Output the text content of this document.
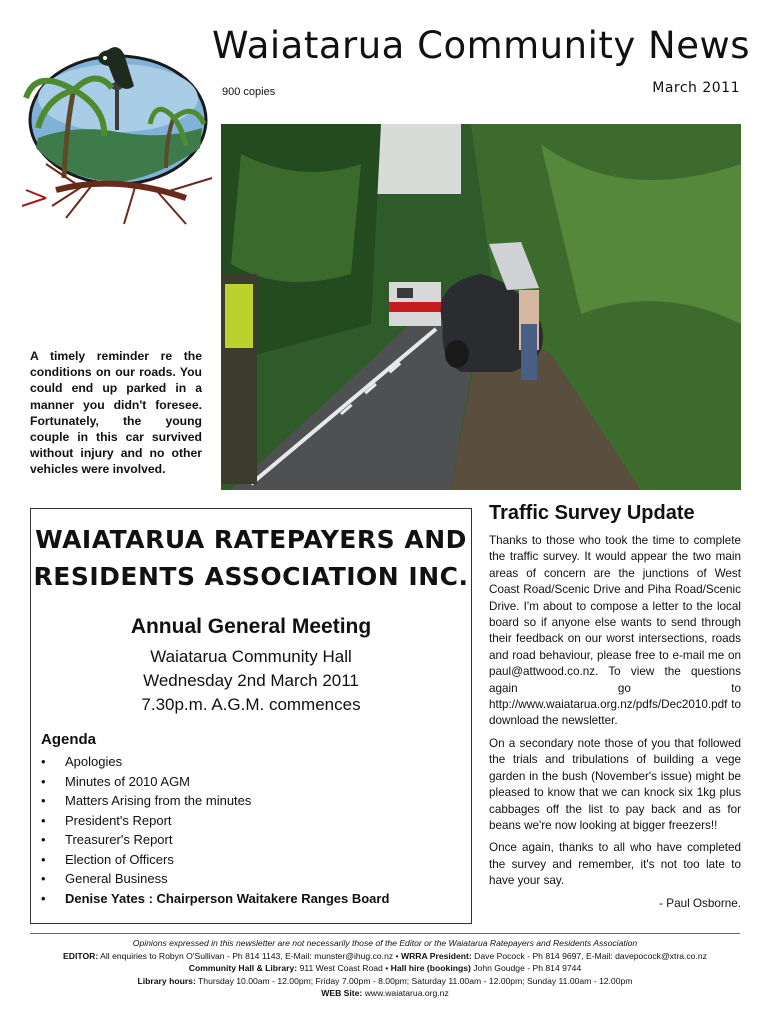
Waiatarua Community News
900 copies	March 2011
A timely reminder re the conditions on our roads. You could end up parked in a manner you didn't foresee. Fortunately, the young couple in this car survived without injury and no other vehicles were involved.
WAIATARUA RATEPAYERS AND
RESIDENTS ASSOCIATION INC.
Annual General Meeting
Waiatarua Community Hall
Wednesday 2nd March 2011
7.30p.m. A.G.M. commences
Agenda
• Apologies
• Minutes of 2010 AGM
• Matters Arising from the minutes
• President's Report
• Treasurer's Report
• Election of Officers
• General Business
• Denise Yates : Chairperson Waitakere Ranges Board
Traffic Survey Update

Thanks to those who took the time to complete the traffic survey. It would appear the two main areas of concern are the junctions of West Coast Road/Scenic Drive and Piha Road/Scenic Drive. I'm about to compose a letter to the local board so if anyone else wants to send through their feedback on our worst intersections, roads and road behaviour, please free to e-mail me on paul@attwood.co.nz. To view the questions again go to http://www.waiatarua.org.nz/pdfs/Dec2010.pdf to download the newsletter.

On a secondary note those of you that followed the trials and tribulations of building a vege garden in the bush (November's issue) might be pleased to know that we can knock six 1kg plus cabbages off the list to pay back and as for beans we're now looking at bigger freezers!!

Once again, thanks to all who have completed the survey and remember, it's not too late to have your say.

- Paul Osborne.
Opinions expressed in this newsletter are not necessarily those of the Editor or the Waiatarua Ratepayers and Residents Association
EDITOR: All enquiries to Robyn O'Sullivan - Ph 814 1143, E-Mail: munster@ihug.co.nz • WRRA President: Dave Pocock - Ph 814 9697, E-Mail: davepocock@xtra.co.nz
Community Hall & Library: 911 West Coast Road • Hall hire (bookings) John Goudge - Ph 814 9744
Library hours: Thursday 10.00am - 12.00pm; Friday 7.00pm - 8.00pm; Saturday 11.00am - 12.00pm; Sunday 11.00am - 12.00pm
WEB Site: www.waiatarua.org.nz
